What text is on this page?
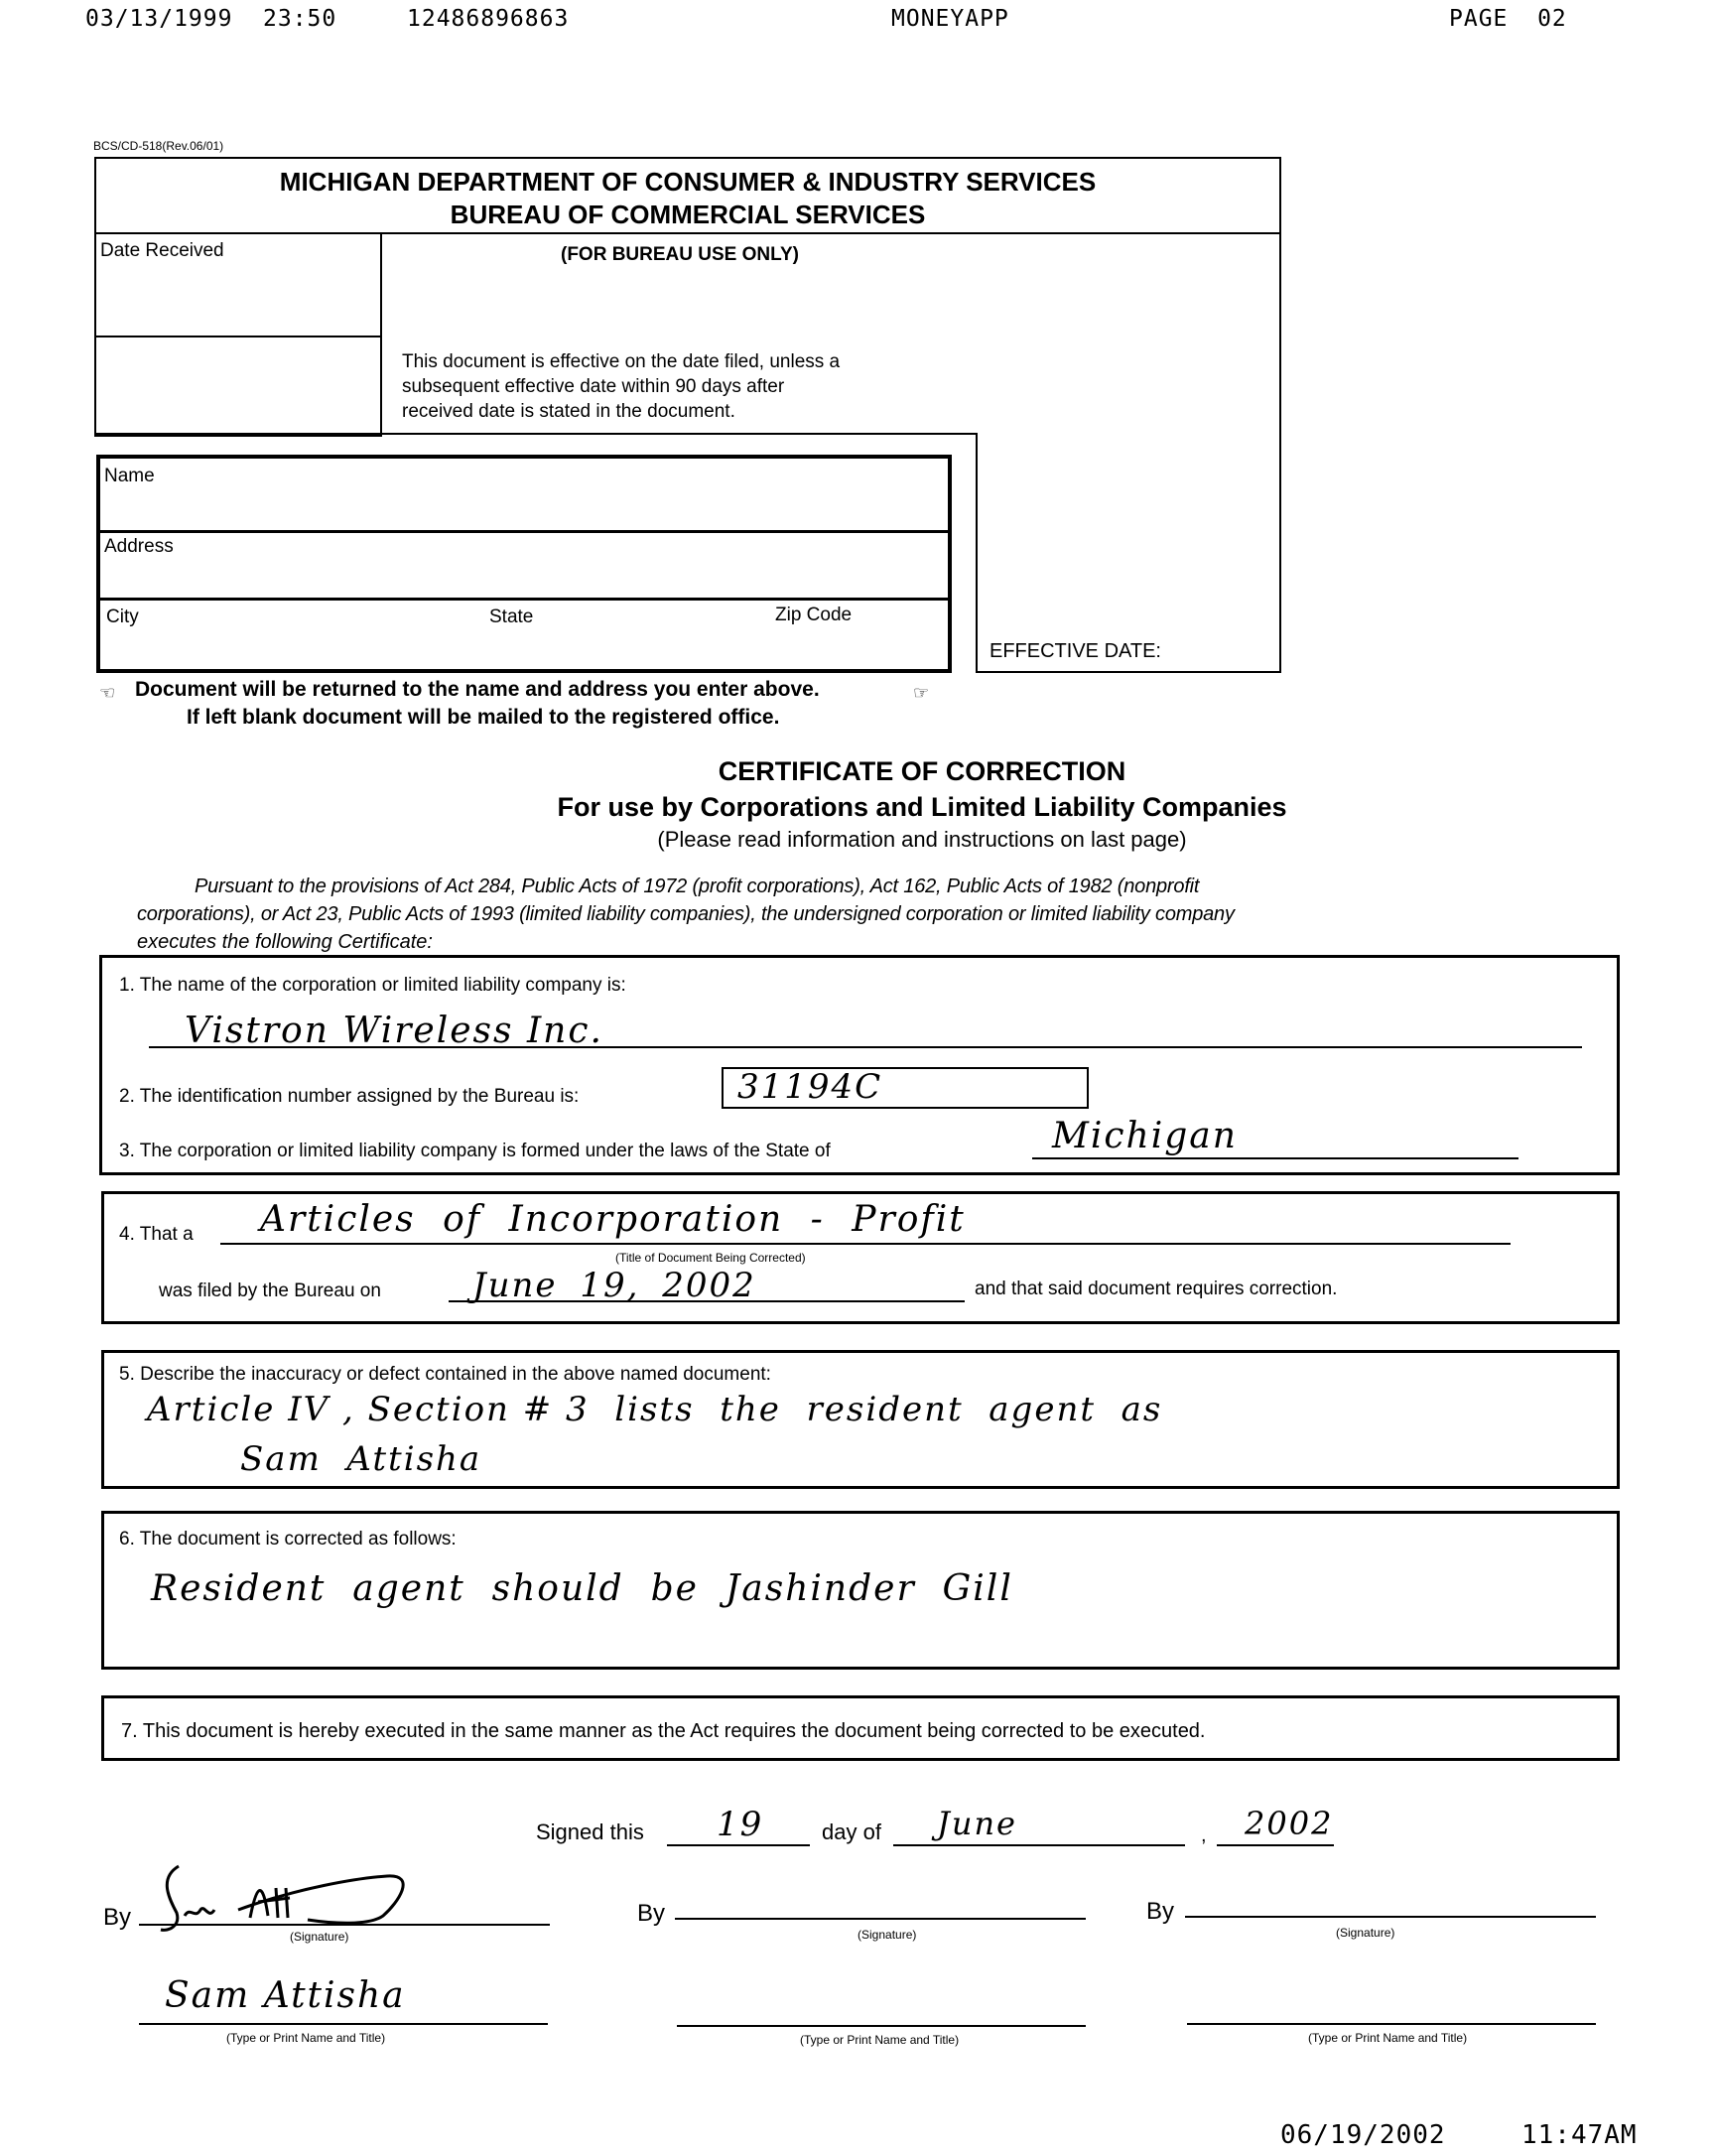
03/13/1999 23:50	12486896863	MONEYAPP	PAGE  02
BCS/CD-518(Rev.06/01)
MICHIGAN DEPARTMENT OF CONSUMER & INDUSTRY SERVICES
BUREAU OF COMMERCIAL SERVICES
Date Received	(FOR BUREAU USE ONLY)
This document is effective on the date filed, unless a
subsequent effective date within 90 days after
received date is stated in the document.
EFFECTIVE DATE:
Name
Address
City	State	Zip Code
☜ Document will be returned to the name and address you enter above.	☞
If left blank document will be mailed to the registered office.
CERTIFICATE OF CORRECTION
For use by Corporations and Limited Liability Companies
(Please read information and instructions on last page)
Pursuant to the provisions of Act 284, Public Acts of 1972 (profit corporations), Act 162, Public Acts of 1982 (nonprofit
corporations), or Act 23, Public Acts of 1993 (limited liability companies), the undersigned corporation or limited liability company
executes the following Certificate:
1. The name of the corporation or limited liability company is:
Vistron Wireless Inc.
2. The identification number assigned by the Bureau is:	31194C
3. The corporation or limited liability company is formed under the laws of the State of	Michigan
4. That a Articles of Incorporation - Profit
(Title of Document Being Corrected)
was filed by the Bureau on	June 19, 2002	and that said document requires correction.
5. Describe the inaccuracy or defect contained in the above named document:
Article IV , Section # 3  lists  the  resident  agent  as
Sam  Attisha
6. The document is corrected as follows:
Resident  agent  should  be  Jashinder  Gill
7. This document is hereby executed in the same manner as the Act requires the document being corrected to be executed.
Signed this 19	day of June	, 2002
By
(Signature)
Sam Attisha
(Type or Print Name and Title)
By
(Signature)
(Type or Print Name and Title)
By
(Signature)
(Type or Print Name and Title)
06/19/2002	11:47AM
